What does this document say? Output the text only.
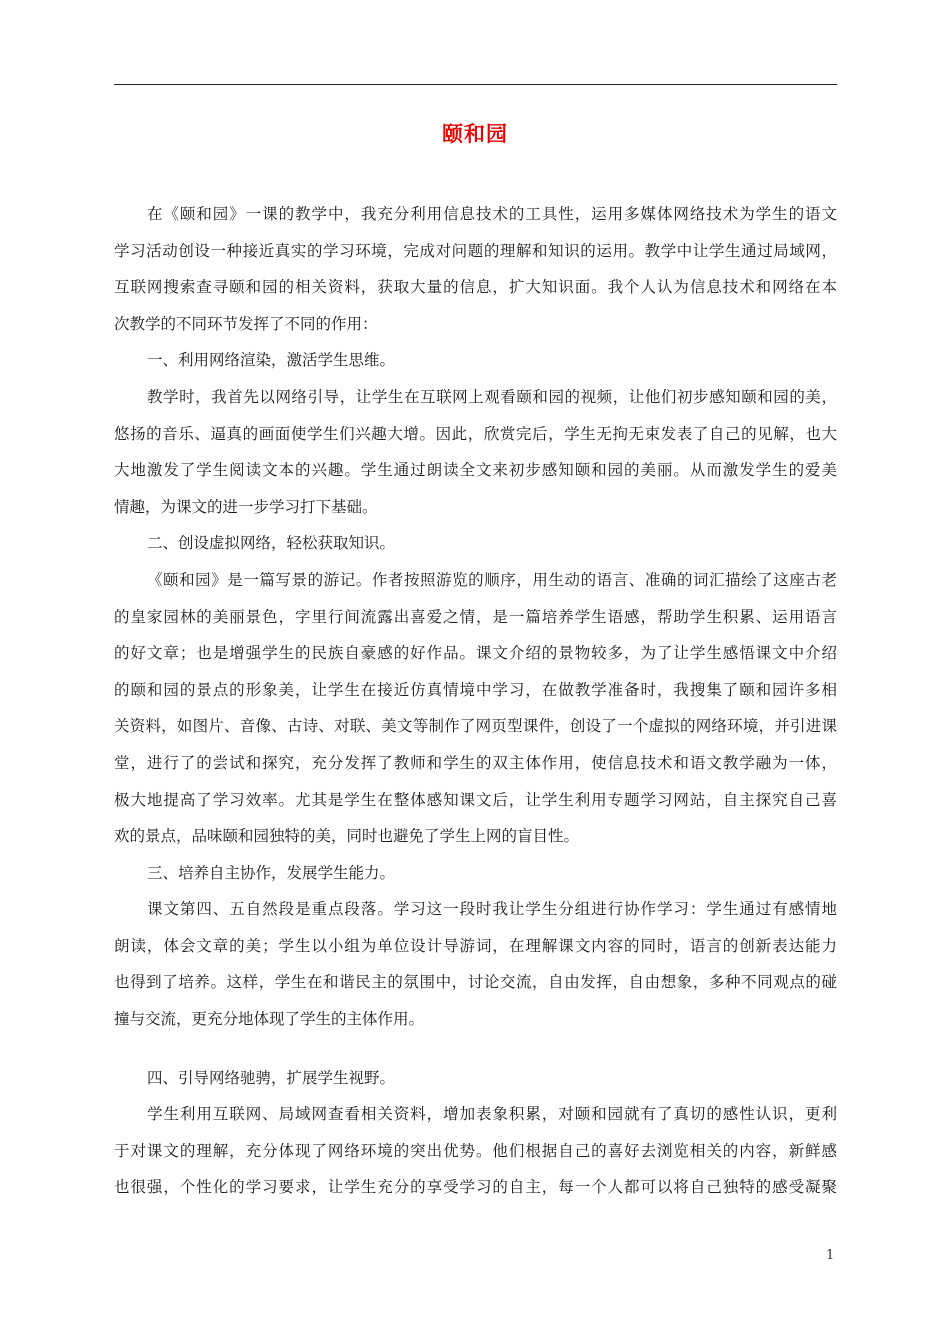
颐和园
在《颐和园》一课的教学中，我充分利用信息技术的工具性，运用多媒体网络技术为学生的语文
学习活动创设一种接近真实的学习环境，完成对问题的理解和知识的运用。教学中让学生通过局域网，
互联网搜索查寻颐和园的相关资料，获取大量的信息，扩大知识面。我个人认为信息技术和网络在本
次教学的不同环节发挥了不同的作用：
一、利用网络渲染，激活学生思维。
教学时，我首先以网络引导，让学生在互联网上观看颐和园的视频，让他们初步感知颐和园的美，
悠扬的音乐、逼真的画面使学生们兴趣大增。因此，欣赏完后，学生无拘无束发表了自己的见解，也大
大地激发了学生阅读文本的兴趣。学生通过朗读全文来初步感知颐和园的美丽。从而激发学生的爱美
情趣，为课文的进一步学习打下基础。
二、创设虚拟网络，轻松获取知识。
《颐和园》是一篇写景的游记。作者按照游览的顺序，用生动的语言、准确的词汇描绘了这座古老
的皇家园林的美丽景色，字里行间流露出喜爱之情，是一篇培养学生语感，帮助学生积累、运用语言
的好文章；也是增强学生的民族自豪感的好作品。课文介绍的景物较多，为了让学生感悟课文中介绍
的颐和园的景点的形象美，让学生在接近仿真情境中学习，在做教学准备时，我搜集了颐和园许多相
关资料，如图片、音像、古诗、对联、美文等制作了网页型课件，创设了一个虚拟的网络环境，并引进课
堂，进行了的尝试和探究，充分发挥了教师和学生的双主体作用，使信息技术和语文教学融为一体，
极大地提高了学习效率。尤其是学生在整体感知课文后，让学生利用专题学习网站，自主探究自己喜
欢的景点，品味颐和园独特的美，同时也避免了学生上网的盲目性。
三、培养自主协作，发展学生能力。
课文第四、五自然段是重点段落。学习这一段时我让学生分组进行协作学习：学生通过有感情地
朗读，体会文章的美；学生以小组为单位设计导游词，在理解课文内容的同时，语言的创新表达能力
也得到了培养。这样，学生在和谐民主的氛围中，讨论交流，自由发挥，自由想象，多种不同观点的碰
撞与交流，更充分地体现了学生的主体作用。
四、引导网络驰骋，扩展学生视野。
学生利用互联网、局域网查看相关资料，增加表象积累，对颐和园就有了真切的感性认识，更利
于对课文的理解，充分体现了网络环境的突出优势。他们根据自己的喜好去浏览相关的内容，新鲜感
也很强，个性化的学习要求，让学生充分的享受学习的自主，每一个人都可以将自己独特的感受凝聚
1
